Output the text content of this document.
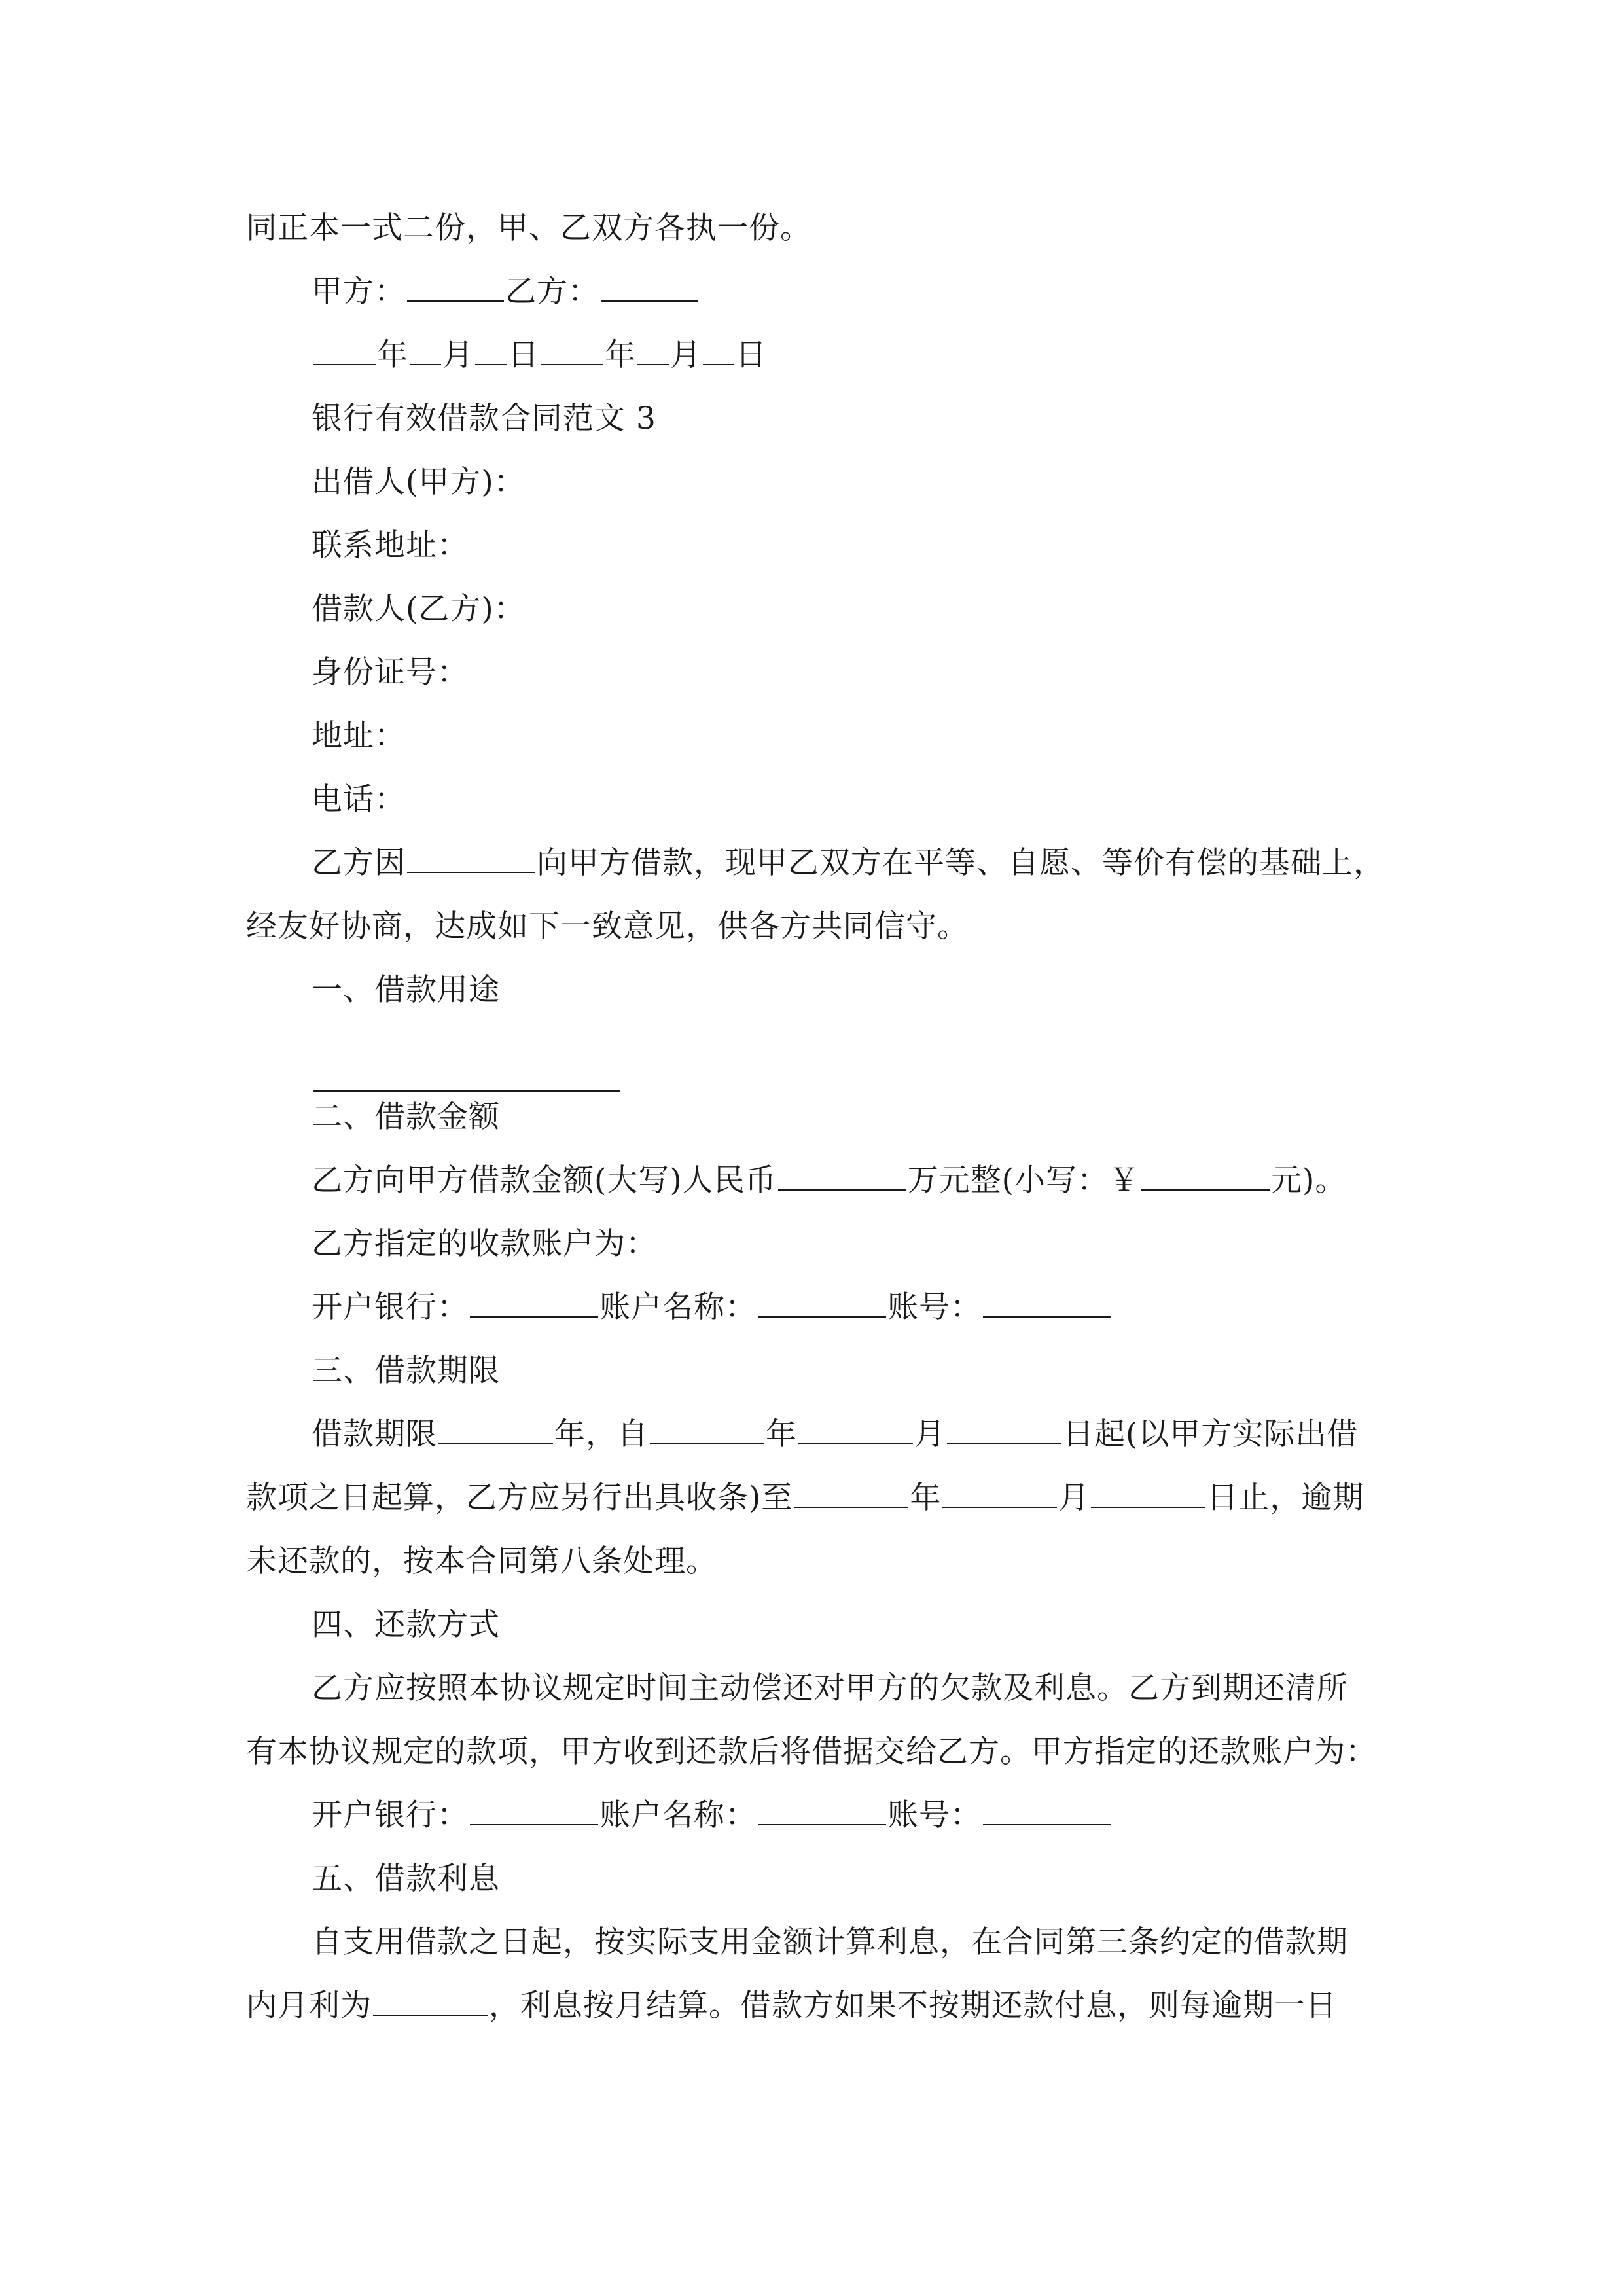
同正本一式二份，甲、乙双方各执一份。
甲方：	乙方：
年 月 日 年 月 日
银行有效借款合同范文 3
出借人(甲方)：
联系地址：
借款人(乙方)：
身份证号：
地址：
电话：
乙方因	向甲方借款，现甲乙双方在平等、自愿、等价有偿的基础上，
经友好协商，达成如下一致意见，供各方共同信守。
一、借款用途
二、借款金额
乙方向甲方借款金额(大写)人民币	万元整(小写：￥	元)。
乙方指定的收款账户为：
开户银行：	账户名称：	账号：
三、借款期限
借款期限	年，自	年	月	日起(以甲方实际出借
款项之日起算，乙方应另行出具收条)至	年	月	日止，逾期
未还款的，按本合同第八条处理。
四、还款方式
乙方应按照本协议规定时间主动偿还对甲方的欠款及利息。乙方到期还清所
有本协议规定的款项，甲方收到还款后将借据交给乙方。甲方指定的还款账户为：
开户银行：	账户名称：	账号：
五、借款利息
自支用借款之日起，按实际支用金额计算利息，在合同第三条约定的借款期
内月利为	，利息按月结算。借款方如果不按期还款付息，则每逾期一日
